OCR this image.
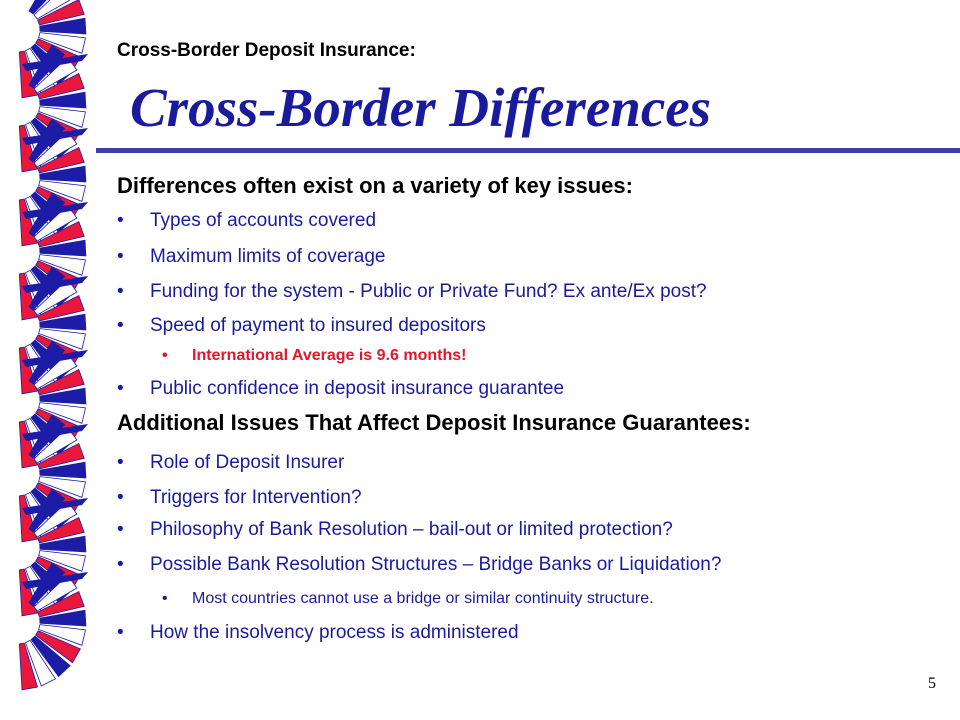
Cross-Border Deposit Insurance:
Cross-Border Differences
Differences often exist on a variety of key issues:
• Types of accounts covered
• Maximum limits of coverage
• Funding for the system - Public or Private Fund? Ex ante/Ex post?
• Speed of payment to insured depositors
• International Average is 9.6 months!
• Public confidence in deposit insurance guarantee
Additional Issues That Affect Deposit Insurance Guarantees:
• Role of Deposit Insurer
• Triggers for Intervention?
• Philosophy of Bank Resolution – bail-out or limited protection?
• Possible Bank Resolution Structures – Bridge Banks or Liquidation?
• Most countries cannot use a bridge or similar continuity structure.
• How the insolvency process is administered
5
